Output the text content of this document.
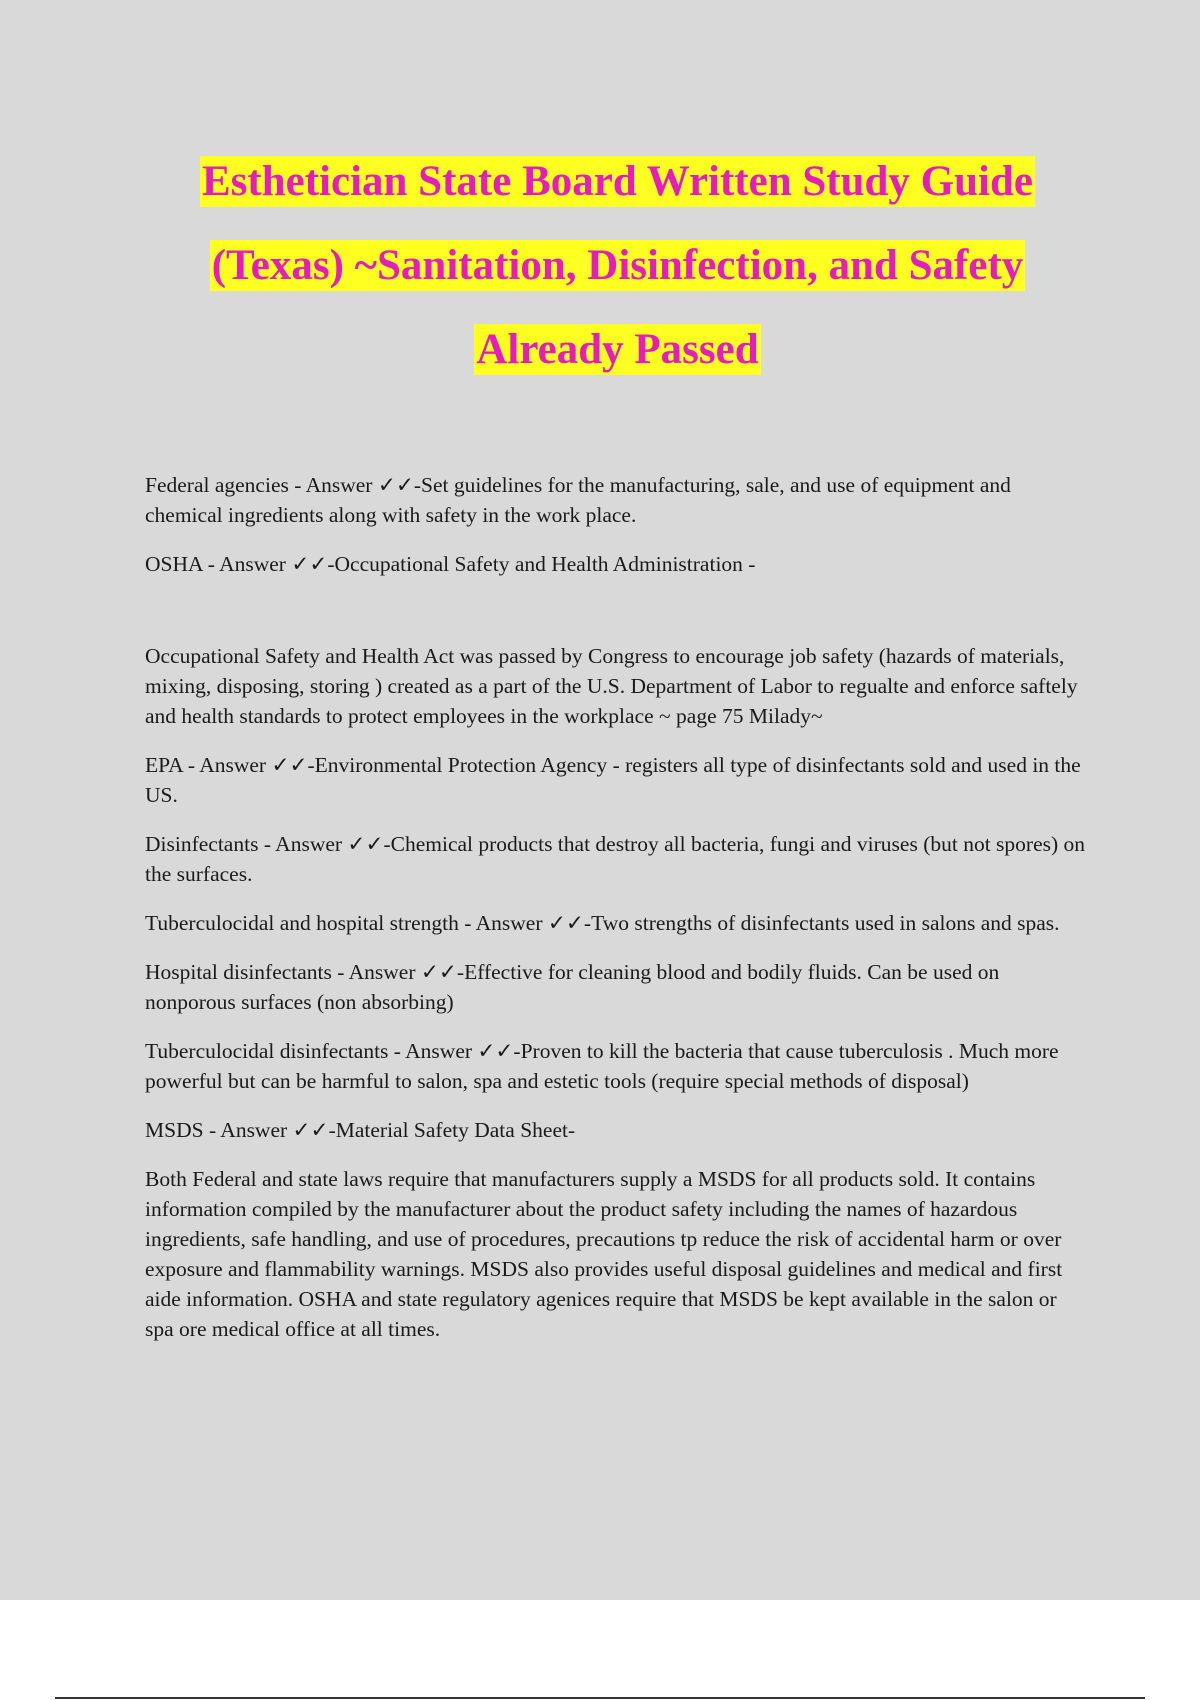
Esthetician State Board Written Study Guide
(Texas) ~Sanitation, Disinfection, and Safety
Already Passed

Federal agencies - Answer ✓✓-Set guidelines for the manufacturing, sale, and use of equipment and chemical ingredients along with safety in the work place.

OSHA - Answer ✓✓-Occupational Safety and Health Administration -

Occupational Safety and Health Act was passed by Congress to encourage job safety (hazards of materials, mixing, disposing, storing ) created as a part of the U.S. Department of Labor to regualte and enforce saftely and health standards to protect employees in the workplace ~ page 75 Milady~

EPA - Answer ✓✓-Environmental Protection Agency - registers all type of disinfectants sold and used in the US.

Disinfectants - Answer ✓✓-Chemical products that destroy all bacteria, fungi and viruses (but not spores) on the surfaces.

Tuberculocidal and hospital strength - Answer ✓✓-Two strengths of disinfectants used in salons and spas.

Hospital disinfectants - Answer ✓✓-Effective for cleaning blood and bodily fluids. Can be used on nonporous surfaces (non absorbing)

Tuberculocidal disinfectants - Answer ✓✓-Proven to kill the bacteria that cause tuberculosis . Much more powerful but can be harmful to salon, spa and estetic tools (require special methods of disposal)

MSDS - Answer ✓✓-Material Safety Data Sheet-

Both Federal and state laws require that manufacturers supply a MSDS for all products sold. It contains information compiled by the manufacturer about the product safety including the names of hazardous ingredients, safe handling, and use of procedures, precautions tp reduce the risk of accidental harm or over exposure and flammability warnings. MSDS also provides useful disposal guidelines and medical and first aide information. OSHA and state regulatory agenices require that MSDS be kept available in the salon or spa ore medical office at all times.
